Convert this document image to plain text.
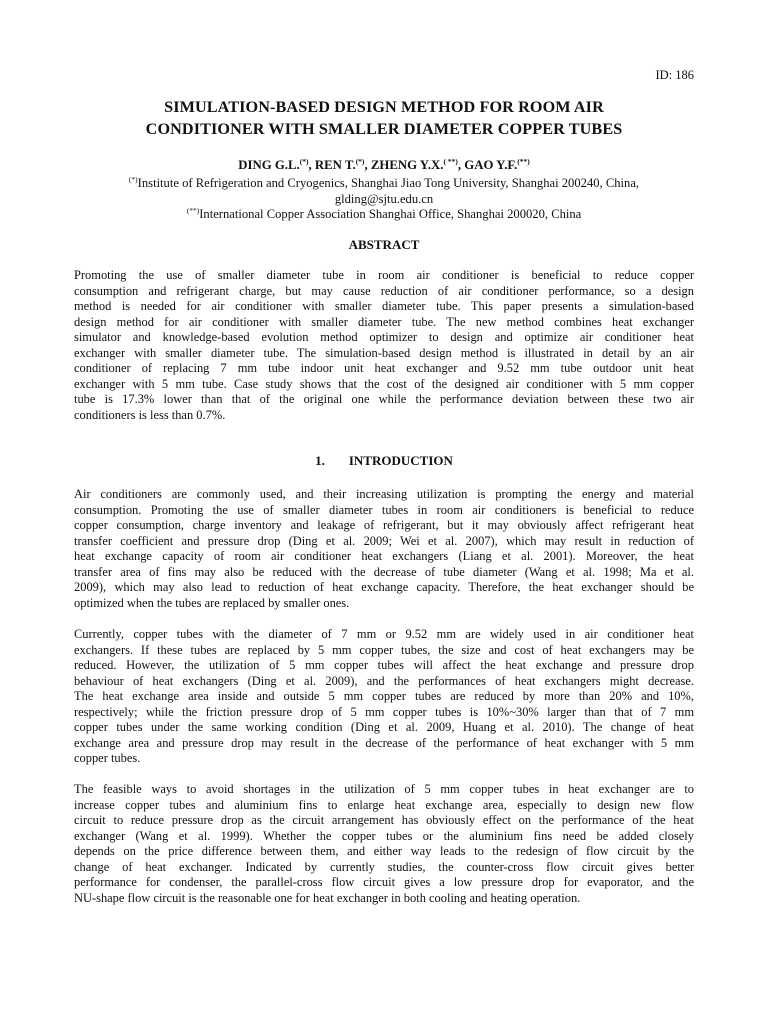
ID: 186
SIMULATION-BASED DESIGN METHOD FOR ROOM AIR
CONDITIONER WITH SMALLER DIAMETER COPPER TUBES
DING G.L.(*), REN T.(*), ZHENG Y.X.( **), GAO Y.F.(**)
(*)Institute of Refrigeration and Cryogenics, Shanghai Jiao Tong University, Shanghai 200240, China,
glding@sjtu.edu.cn
(**)International Copper Association Shanghai Office, Shanghai 200020, China
ABSTRACT
Promoting the use of smaller diameter tube in room air conditioner is beneficial to reduce copper
consumption and refrigerant charge, but may cause reduction of air conditioner performance, so a design
method is needed for air conditioner with smaller diameter tube. This paper presents a simulation-based
design method for air conditioner with smaller diameter tube. The new method combines heat exchanger
simulator and knowledge-based evolution method optimizer to design and optimize air conditioner heat
exchanger with smaller diameter tube. The simulation-based design method is illustrated in detail by an air
conditioner of replacing 7 mm tube indoor unit heat exchanger and 9.52 mm tube outdoor unit heat
exchanger with 5 mm tube. Case study shows that the cost of the designed air conditioner with 5 mm copper
tube is 17.3% lower than that of the original one while the performance deviation between these two air
conditioners is less than 0.7%.
1. INTRODUCTION
Air conditioners are commonly used, and their increasing utilization is prompting the energy and material
consumption. Promoting the use of smaller diameter tubes in room air conditioners is beneficial to reduce
copper consumption, charge inventory and leakage of refrigerant, but it may obviously affect refrigerant heat
transfer coefficient and pressure drop (Ding et al. 2009; Wei et al. 2007), which may result in reduction of
heat exchange capacity of room air conditioner heat exchangers (Liang et al. 2001). Moreover, the heat
transfer area of fins may also be reduced with the decrease of tube diameter (Wang et al. 1998; Ma et al.
2009), which may also lead to reduction of heat exchange capacity. Therefore, the heat exchanger should be
optimized when the tubes are replaced by smaller ones.
Currently, copper tubes with the diameter of 7 mm or 9.52 mm are widely used in air conditioner heat
exchangers. If these tubes are replaced by 5 mm copper tubes, the size and cost of heat exchangers may be
reduced. However, the utilization of 5 mm copper tubes will affect the heat exchange and pressure drop
behaviour of heat exchangers (Ding et al. 2009), and the performances of heat exchangers might decrease.
The heat exchange area inside and outside 5 mm copper tubes are reduced by more than 20% and 10%,
respectively; while the friction pressure drop of 5 mm copper tubes is 10%~30% larger than that of 7 mm
copper tubes under the same working condition (Ding et al. 2009, Huang et al. 2010). The change of heat
exchange area and pressure drop may result in the decrease of the performance of heat exchanger with 5 mm
copper tubes.
The feasible ways to avoid shortages in the utilization of 5 mm copper tubes in heat exchanger are to
increase copper tubes and aluminium fins to enlarge heat exchange area, especially to design new flow
circuit to reduce pressure drop as the circuit arrangement has obviously effect on the performance of the heat
exchanger (Wang et al. 1999). Whether the copper tubes or the aluminium fins need be added closely
depends on the price difference between them, and either way leads to the redesign of flow circuit by the
change of heat exchanger. Indicated by currently studies, the counter-cross flow circuit gives better
performance for condenser, the parallel-cross flow circuit gives a low pressure drop for evaporator, and the
NU-shape flow circuit is the reasonable one for heat exchanger in both cooling and heating operation.
